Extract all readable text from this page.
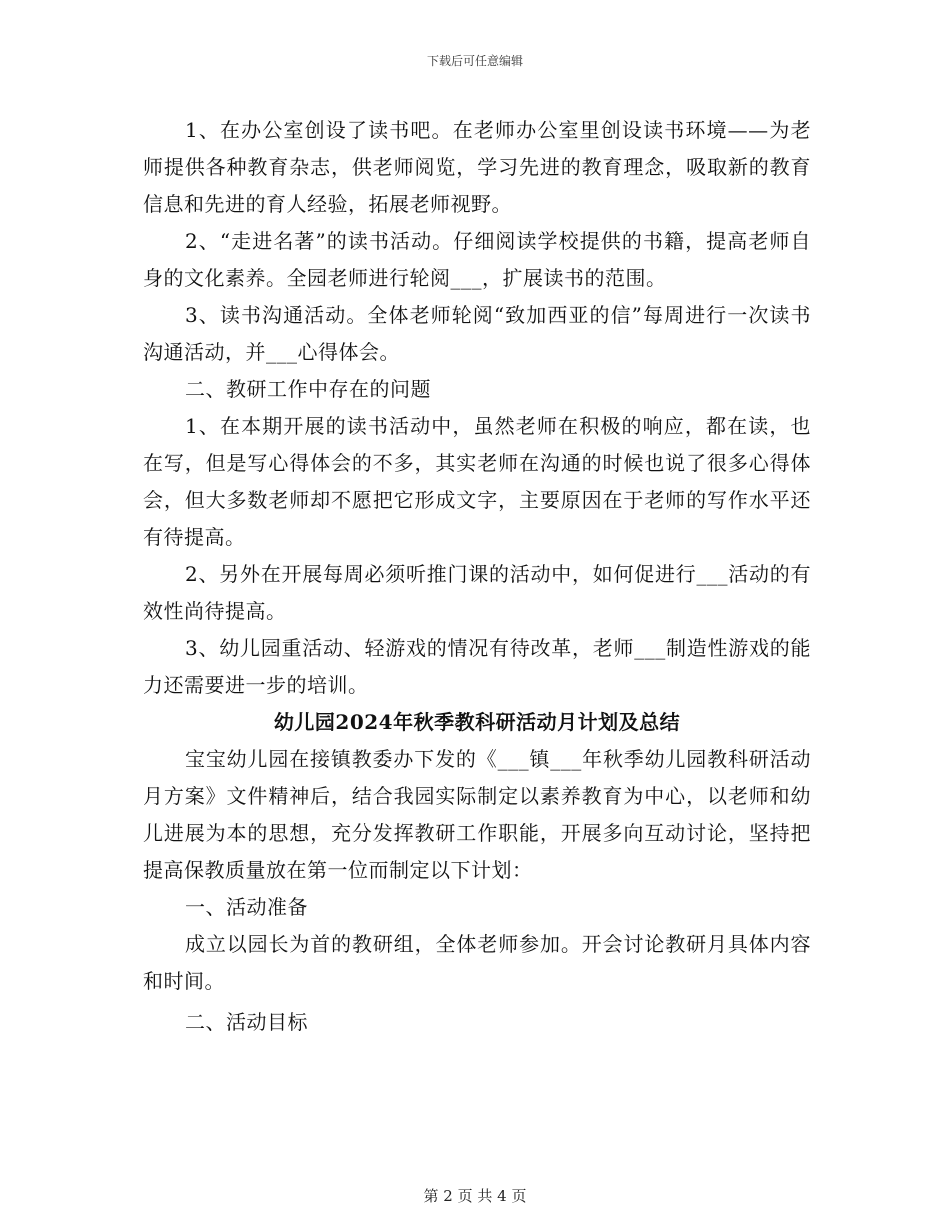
下载后可任意编辑

1、在办公室创设了读书吧。在老师办公室里创设读书环境——为老师提供各种教育杂志，供老师阅览，学习先进的教育理念，吸取新的教育信息和先进的育人经验，拓展老师视野。

2、“走进名著”的读书活动。仔细阅读学校提供的书籍，提高老师自身的文化素养。全园老师进行轮阅___，扩展读书的范围。

3、读书沟通活动。全体老师轮阅“致加西亚的信”每周进行一次读书沟通活动，并___心得体会。

二、教研工作中存在的问题

1、在本期开展的读书活动中，虽然老师在积极的响应，都在读，也在写，但是写心得体会的不多，其实老师在沟通的时候也说了很多心得体会，但大多数老师却不愿把它形成文字，主要原因在于老师的写作水平还有待提高。

2、另外在开展每周必须听推门课的活动中，如何促进行___活动的有效性尚待提高。

3、幼儿园重活动、轻游戏的情况有待改革，老师___制造性游戏的能力还需要进一步的培训。

幼儿园2024年秋季教科研活动月计划及总结

宝宝幼儿园在接镇教委办下发的《___镇___年秋季幼儿园教科研活动月方案》文件精神后，结合我园实际制定以素养教育为中心，以老师和幼儿进展为本的思想，充分发挥教研工作职能，开展多向互动讨论，坚持把提高保教质量放在第一位而制定以下计划：

一、活动准备

成立以园长为首的教研组，全体老师参加。开会讨论教研月具体内容和时间。

二、活动目标

第 2 页 共 4 页
